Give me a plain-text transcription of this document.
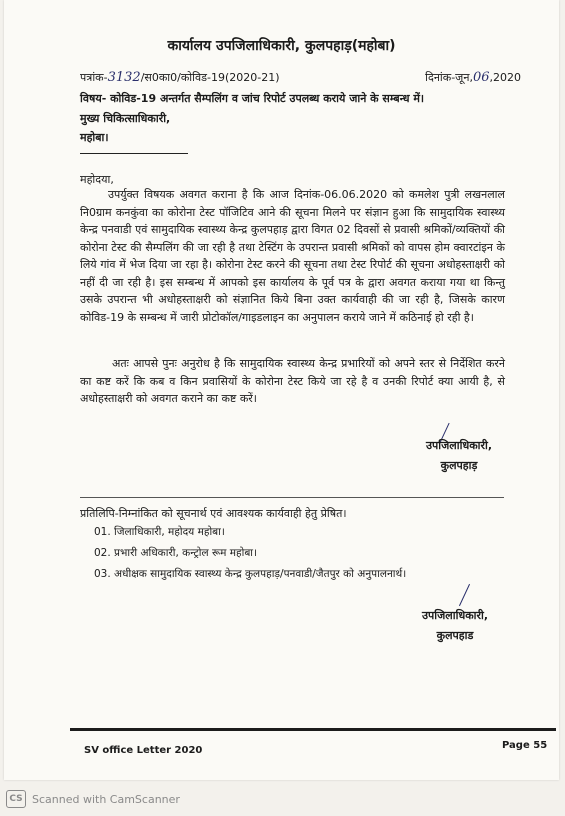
कार्यालय उपजिलाधिकारी, कुलपहाड़(महोबा)
पत्रांक-3132/स0का0/कोविड-19(2020-21)	दिनांक-जून,06,2020
विषय- कोविड-19 अन्तर्गत सैम्पलिंग व जांच रिपोर्ट उपलब्ध कराये जाने के सम्बन्ध में।
मुख्य चिकित्साधिकारी,
महोबा।
महोदया,
उपर्युक्त विषयक अवगत कराना है कि आज दिनांक-06.06.2020 को कमलेश पुत्री लखनलाल नि0ग्राम कनकुंवा का कोरोना टेस्ट पॉजिटिव आने की सूचना मिलने पर संज्ञान हुआ कि सामुदायिक स्वास्थ्य केन्द्र पनवाडी एवं सामुदायिक स्वास्थ्य केन्द्र कुलपहाड़ द्वारा विगत 02 दिवसों से प्रवासी श्रमिकों/व्यक्तियों की कोरोना टेस्ट की सैम्पलिंग की जा रही है तथा टेस्टिंग के उपरान्त प्रवासी श्रमिकों को वापस होम क्वारटांइन के लिये गांव में भेज दिया जा रहा है। कोरोना टेस्ट करने की सूचना तथा टेस्ट रिपोर्ट की सूचना अधोहस्ताक्षरी को नहीं दी जा रही है। इस सम्बन्ध में आपको इस कार्यालय के पूर्व पत्र के द्वारा अवगत कराया गया था किन्तु उसके उपरान्त भी अधोहस्ताक्षरी को संज्ञानित किये बिना उक्त कार्यवाही की जा रही है, जिसके कारण कोविड-19 के सम्बन्ध में जारी प्रोटोकॉल/गाइडलाइन का अनुपालन कराये जाने में कठिनाई हो रही है।
अतः आपसे पुनः अनुरोध है कि सामुदायिक स्वास्थ्य केन्द्र प्रभारियों को अपने स्तर से निर्देशित करने का कष्ट करें कि कब व किन प्रवासियों के कोरोना टेस्ट किये जा रहे है व उनकी रिपोर्ट क्या आयी है, से अधोहस्ताक्षरी को अवगत कराने का कष्ट करें।
उपजिलाधिकारी,
कुलपहाड़
प्रतिलिपि-निम्नांकित को सूचनार्थ एवं आवश्यक कार्यवाही हेतु प्रेषित।
01. जिलाधिकारी, महोदय महोबा।
02. प्रभारी अधिकारी, कन्ट्रोल रूम महोबा।
03. अधीक्षक सामुदायिक स्वास्थ्य केन्द्र कुलपहाड़/पनवाडी/जैतपुर को अनुपालनार्थ।
उपजिलाधिकारी,
कुलपहाड
SV office Letter 2020	Page 55
CS Scanned with CamScanner
